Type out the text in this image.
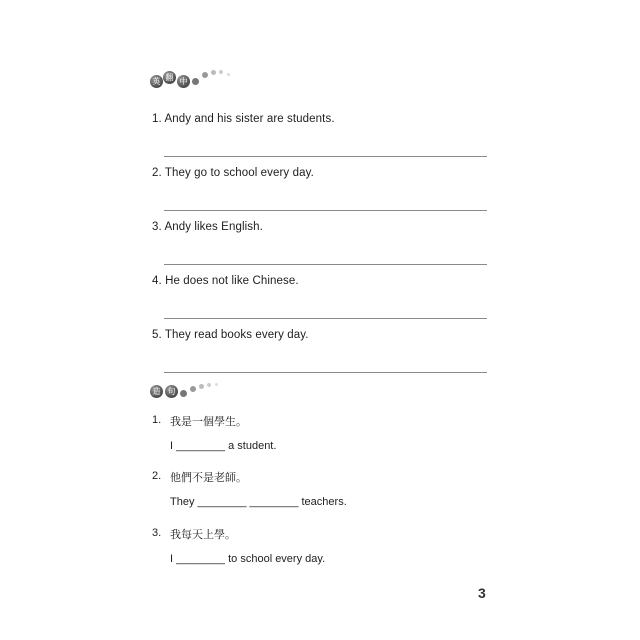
英 翻 中
1. Andy and his sister are students.
2. They go to school every day.
3. Andy likes English.
4. He does not like Chinese.
5. They read books every day.
造 句
1. 我是一個學生。
I ________ a student.
2. 他們不是老師。
They ________ ________ teachers.
3. 我每天上學。
I ________ to school every day.
3
